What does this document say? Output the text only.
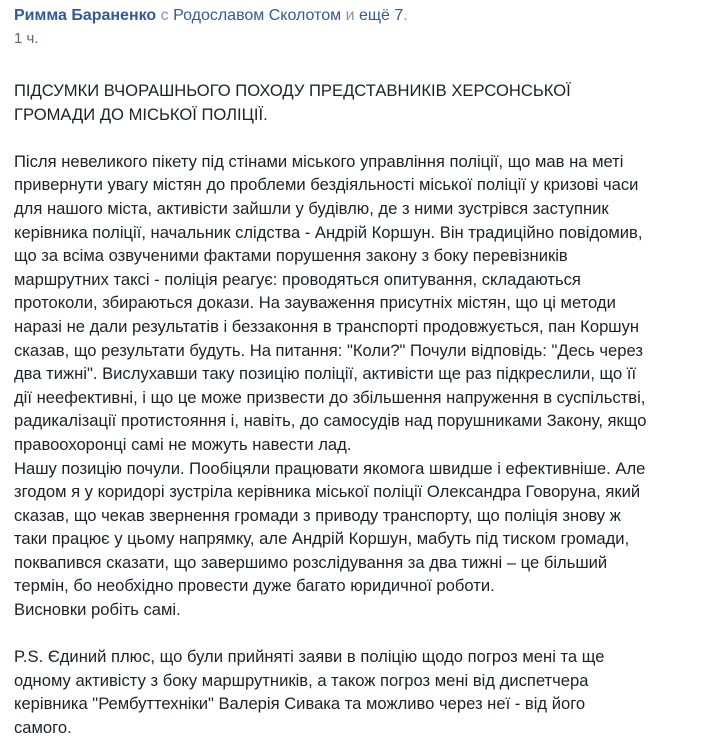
Римма Бараненко с Родославом Сколотом и ещё 7.
1 ч.

ПІДСУМКИ ВЧОРАШНЬОГО ПОХОДУ ПРЕДСТАВНИКІВ ХЕРСОНСЬКОЇ
ГРОМАДИ ДО МІСЬКОЇ ПОЛІЦІЇ.

Після невеликого пікету під стінами міського управління поліції, що мав на меті
привернути увагу містян до проблеми бездіяльності міської поліції у кризові часи
для нашого міста, активісти зайшли у будівлю, де з ними зустрівся заступник
керівника поліції, начальник слідства - Андрій Коршун. Він традиційно повідомив,
що за всіма озвученими фактами порушення закону з боку перевізників
маршрутних таксі - поліція реагує: проводяться опитування, складаються
протоколи, збираються докази. На зауваження присутніх містян, що ці методи
наразі не дали результатів і беззаконня в транспорті продовжується, пан Коршун
сказав, що результати будуть. На питання: "Коли?" Почули відповідь: "Десь через
два тижні". Вислухавши таку позицію поліції, активісти ще раз підкреслили, що її
дії неефективні, і що це може призвести до збільшення напруження в суспільстві,
радикалізації протистояння і, навіть, до самосудів над порушниками Закону, якщо
правоохоронці самі не можуть навести лад.

Нашу позицію почули. Пообіцяли працювати якомога швидше і ефективніше. Але
згодом я у коридорі зустріла керівника міської поліції Олександра Говоруна, який
сказав, що чекав звернення громади з приводу транспорту, що поліція знову ж
таки працює у цьому напрямку, але Андрій Коршун, мабуть під тиском громади,
поквапився сказати, що завершимо розслідування за два тижні – це більший
термін, бо необхідно провести дуже багато юридичної роботи.

Висновки робіть самі.

P.S. Єдиний плюс, що були прийняті заяви в поліцію щодо погроз мені та ще
одному активісту з боку маршрутників, а також погроз мені від диспетчера
керівника "Рембуттехніки" Валерія Сивака та можливо через неї - від його
самого.
